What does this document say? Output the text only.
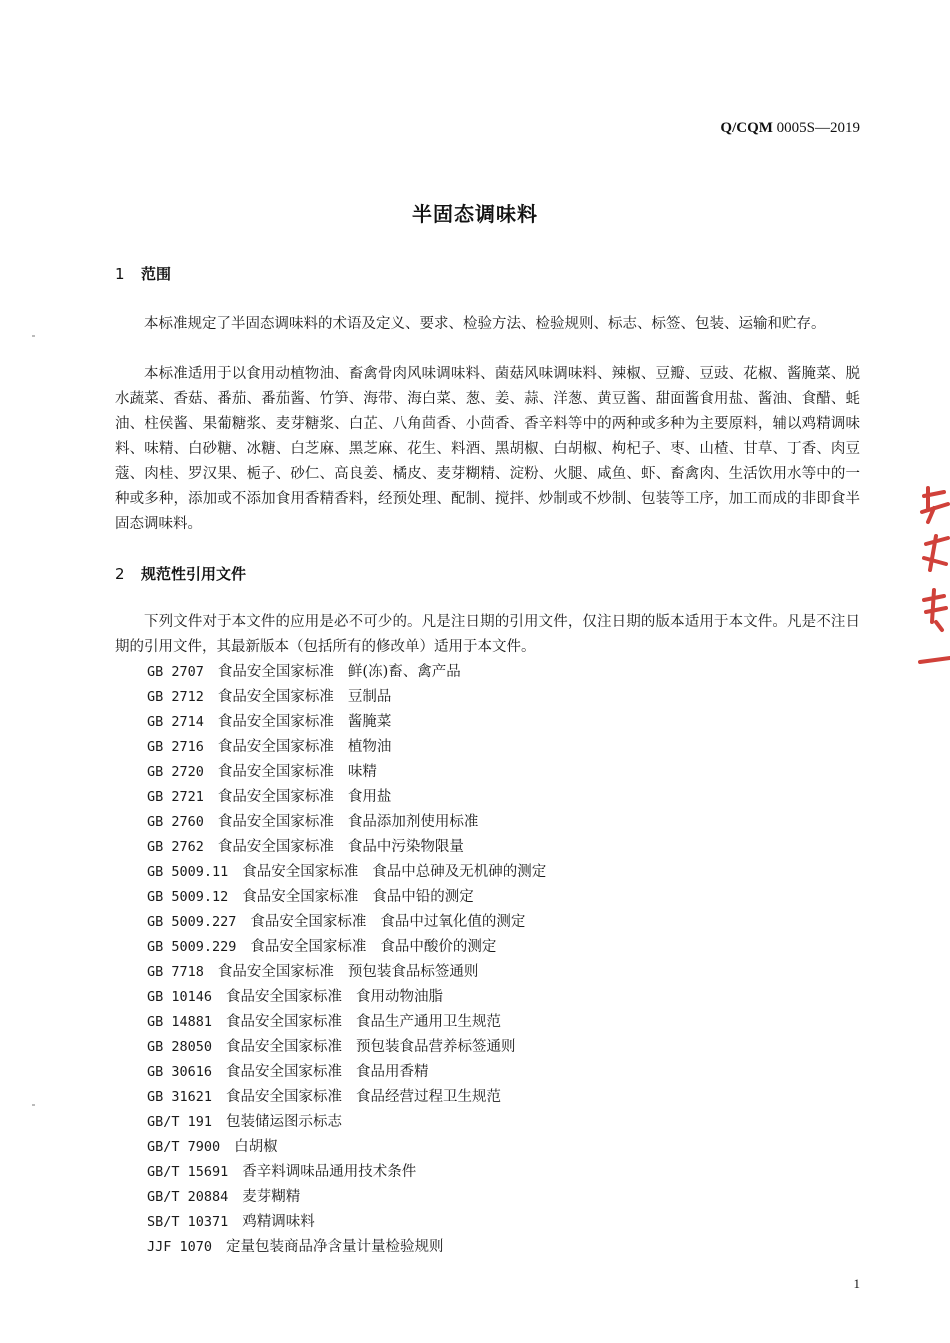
Q/CQM 0005S—2019
半固态调味料
1 范围

本标准规定了半固态调味料的术语及定义、要求、检验方法、检验规则、标志、标签、包装、运输和贮存。

本标准适用于以食用动植物油、畜禽骨肉风味调味料、菌菇风味调味料、辣椒、豆瓣、豆豉、花椒、酱腌菜、脱水蔬菜、香菇、番茄、番茄酱、竹笋、海带、海白菜、葱、姜、蒜、洋葱、黄豆酱、甜面酱食用盐、酱油、食醋、蚝油、柱侯酱、果葡糖浆、麦芽糖浆、白芷、八角茴香、小茴香、香辛料等中的两种或多种为主要原料，辅以鸡精调味料、味精、白砂糖、冰糖、白芝麻、黑芝麻、花生、料酒、黑胡椒、白胡椒、枸杞子、枣、山楂、甘草、丁香、肉豆蔻、肉桂、罗汉果、栀子、砂仁、高良姜、橘皮、麦芽糊精、淀粉、火腿、咸鱼、虾、畜禽肉、生活饮用水等中的一种或多种，添加或不添加食用香精香料，经预处理、配制、搅拌、炒制或不炒制、包装等工序，加工而成的非即食半固态调味料。

2 规范性引用文件

下列文件对于本文件的应用是必不可少的。凡是注日期的引用文件，仅注日期的版本适用于本文件。凡是不注日期的引用文件，其最新版本（包括所有的修改单）适用于本文件。

GB 2707 食品安全国家标准 鲜(冻)畜、禽产品
GB 2712 食品安全国家标准 豆制品
GB 2714 食品安全国家标准 酱腌菜
GB 2716 食品安全国家标准 植物油
GB 2720 食品安全国家标准 味精
GB 2721 食品安全国家标准 食用盐
GB 2760 食品安全国家标准 食品添加剂使用标准
GB 2762 食品安全国家标准 食品中污染物限量
GB 5009.11 食品安全国家标准 食品中总砷及无机砷的测定
GB 5009.12 食品安全国家标准 食品中铅的测定
GB 5009.227 食品安全国家标准 食品中过氧化值的测定
GB 5009.229 食品安全国家标准 食品中酸价的测定
GB 7718 食品安全国家标准 预包装食品标签通则
GB 10146 食品安全国家标准 食用动物油脂
GB 14881 食品安全国家标准 食品生产通用卫生规范
GB 28050 食品安全国家标准 预包装食品营养标签通则
GB 30616 食品安全国家标准 食品用香精
GB 31621 食品安全国家标准 食品经营过程卫生规范
GB/T 191 包装储运图示标志
GB/T 7900 白胡椒
GB/T 15691 香辛料调味品通用技术条件
GB/T 20884 麦芽糊精
SB/T 10371 鸡精调味料
JJF 1070 定量包装商品净含量计量检验规则
1
